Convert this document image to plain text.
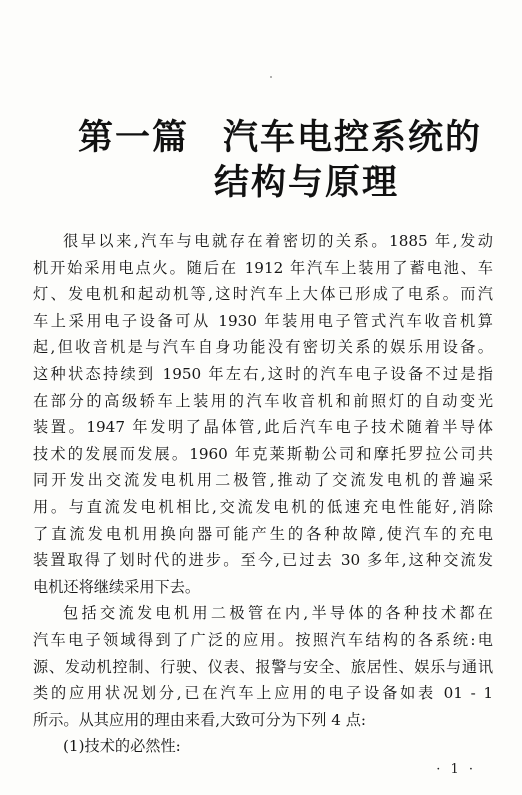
第一篇 汽车电控系统的
结构与原理
很早以来,汽车与电就存在着密切的关系。1885 年,发动
机开始采用电点火。随后在 1912 年汽车上装用了蓄电池、车
灯、发电机和起动机等,这时汽车上大体已形成了电系。而汽
车上采用电子设备可从 1930 年装用电子管式汽车收音机算
起,但收音机是与汽车自身功能没有密切关系的娱乐用设备。
这种状态持续到 1950 年左右,这时的汽车电子设备不过是指
在部分的高级轿车上装用的汽车收音机和前照灯的自动变光
装置。1947 年发明了晶体管,此后汽车电子技术随着半导体
技术的发展而发展。1960 年克莱斯勒公司和摩托罗拉公司共
同开发出交流发电机用二极管,推动了交流发电机的普遍采
用。与直流发电机相比,交流发电机的低速充电性能好,消除
了直流发电机用换向器可能产生的各种故障,使汽车的充电
装置取得了划时代的进步。至今,已过去 30 多年,这种交流发
电机还将继续采用下去。
包括交流发电机用二极管在内,半导体的各种技术都在
汽车电子领域得到了广泛的应用。按照汽车结构的各系统:电
源、发动机控制、行驶、仪表、报警与安全、旅居性、娱乐与通讯
类的应用状况划分,已在汽车上应用的电子设备如表 01 - 1
所示。从其应用的理由来看,大致可分为下列 4 点:
(1)技术的必然性:
· 1 ·
